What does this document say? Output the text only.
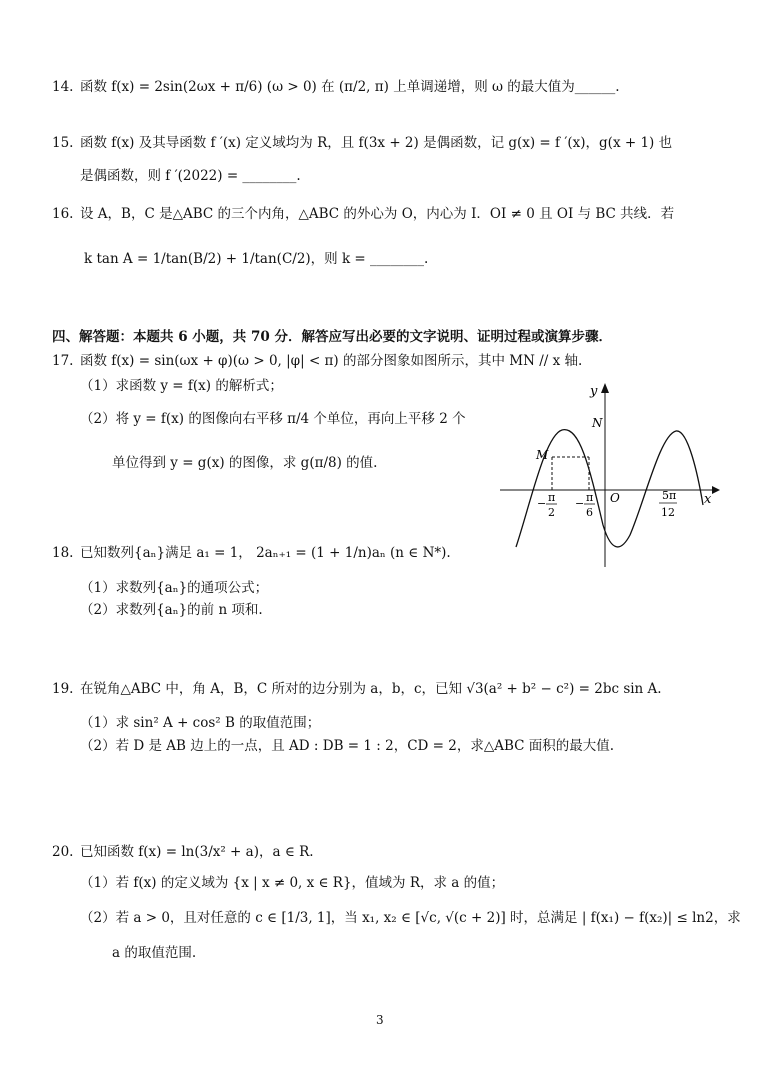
14. 函数 f(x) = 2sin(2ωx + π/6) (ω > 0) 在 (π/2, π) 上单调递增，则 ω 的最大值为______.
15. 函数 f(x) 及其导函数 f ′(x) 定义域均为 R，且 f(3x + 2) 是偶函数，记 g(x) = f ′(x)，g(x + 1) 也
是偶函数，则 f ′(2022) = ________.
16. 设 A，B，C 是△ABC 的三个内角，△ABC 的外心为 O，内心为 I．OI ≠ 0 且 OI 与 BC 共线．若
k tan A = 1/tan(B/2) + 1/tan(C/2)，则 k = ________.
四、解答题：本题共 6 小题，共 70 分．解答应写出必要的文字说明、证明过程或演算步骤．
17. 函数 f(x) = sin(ωx + φ)(ω > 0, |φ| < π) 的部分图象如图所示，其中 MN // x 轴.
（1）求函数 y = f(x) 的解析式；
（2）将 y = f(x) 的图像向右平移 π/4 个单位，再向上平移 2 个
单位得到 y = g(x) 的图像，求 g(π/8) 的值.
y
x
O
M
N
− π
2
− π
6
5π
12
18. 已知数列{aₙ}满足 a₁ = 1， 2aₙ₊₁ = (1 + 1/n)aₙ (n ∈ N*).
（1）求数列{aₙ}的通项公式；
（2）求数列{aₙ}的前 n 项和.
19. 在锐角△ABC 中，角 A，B，C 所对的边分别为 a，b，c，已知 √3(a² + b² − c²) = 2bc sin A.
（1）求 sin² A + cos² B 的取值范围；
（2）若 D 是 AB 边上的一点，且 AD : DB = 1 : 2，CD = 2，求△ABC 面积的最大值.
20. 已知函数 f(x) = ln(3/x² + a)，a ∈ R.
（1）若 f(x) 的定义域为 {x | x ≠ 0, x ∈ R}，值域为 R，求 a 的值；
（2）若 a > 0，且对任意的 c ∈ [1/3, 1]，当 x₁, x₂ ∈ [√c, √(c + 2)] 时，总满足 | f(x₁) − f(x₂)| ≤ ln2，求
a 的取值范围.
3
